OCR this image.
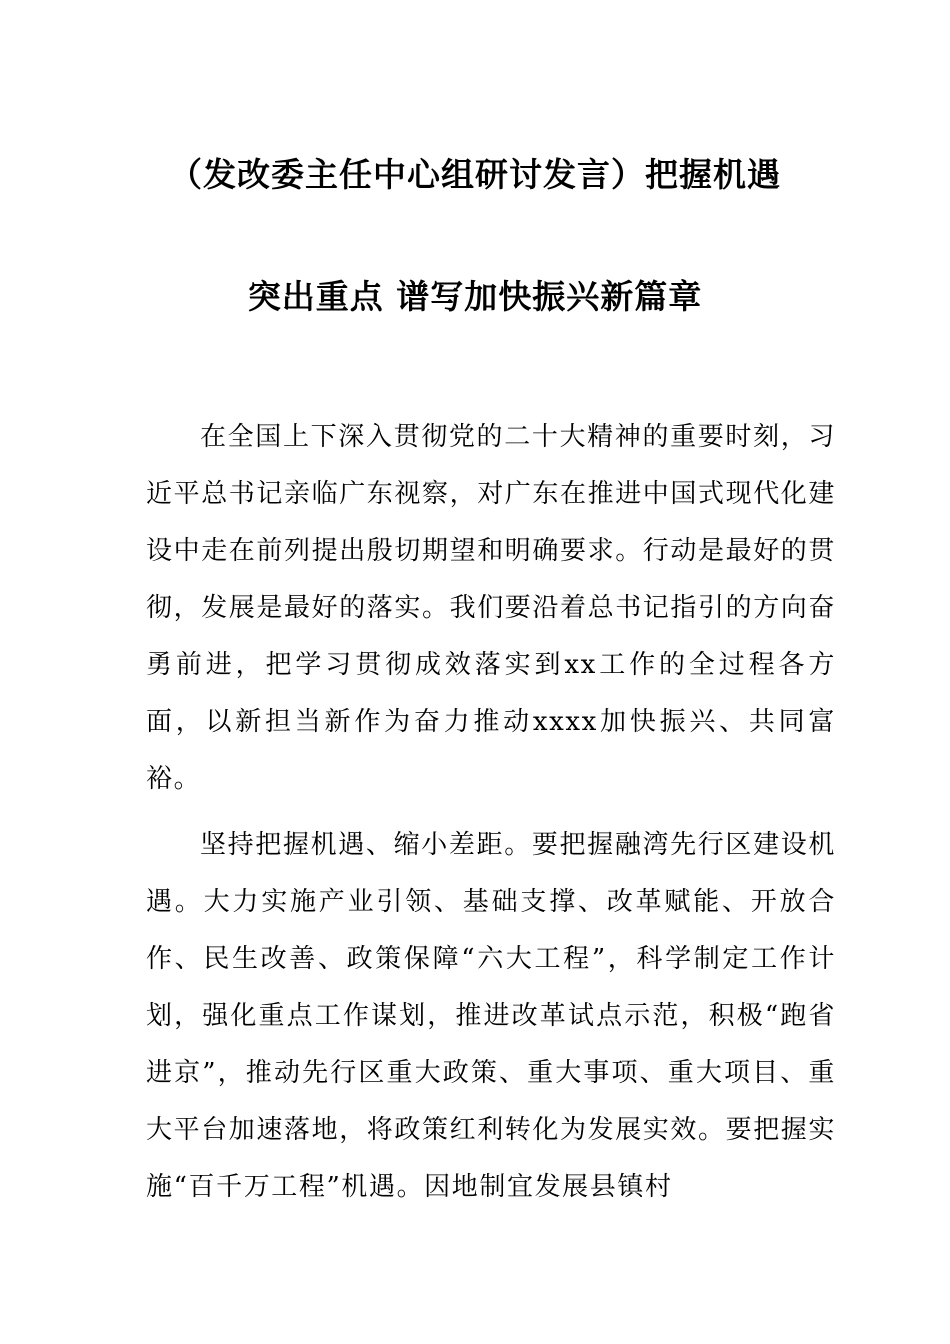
（发改委主任中心组研讨发言）把握机遇
突出重点 谱写加快振兴新篇章

在全国上下深入贯彻党的二十大精神的重要时刻，习近平总书记亲临广东视察，对广东在推进中国式现代化建设中走在前列提出殷切期望和明确要求。行动是最好的贯彻，发展是最好的落实。我们要沿着总书记指引的方向奋勇前进，把学习贯彻成效落实到xx工作的全过程各方面，以新担当新作为奋力推动xxxx加快振兴、共同富裕。

坚持把握机遇、缩小差距。要把握融湾先行区建设机遇。大力实施产业引领、基础支撑、改革赋能、开放合作、民生改善、政策保障“六大工程”，科学制定工作计划，强化重点工作谋划，推进改革试点示范，积极“跑省进京”，推动先行区重大政策、重大事项、重大项目、重大平台加速落地，将政策红利转化为发展实效。要把握实施“百千万工程”机遇。因地制宜发展县镇村
